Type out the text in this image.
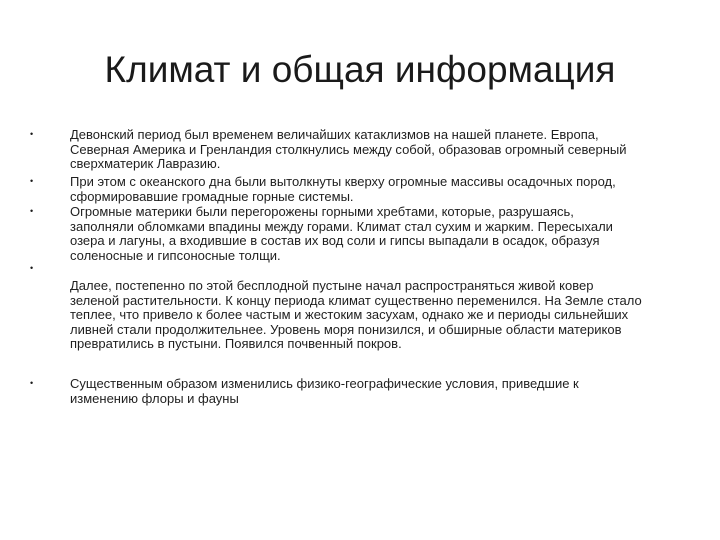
Климат и общая информация
•	Девонский период был временем величайших катаклизмов на нашей планете. Европа,
Северная Америка и Гренландия столкнулись между собой, образовав огромный северный
сверхматерик Лавразию.

•	При этом с океанского дна были вытолкнуты кверху огромные массивы осадочных пород,
сформировавшие громадные горные системы.

•	Огромные материки были перегорожены горными хребтами, которые, разрушаясь,
заполняли обломками впадины между горами. Климат стал сухим и жарким. Пересыхали
озера и лагуны, а входившие в состав их вод соли и гипсы выпадали в осадок, образуя
соленосные и гипсоносные толщи.

•

Далее, постепенно по этой бесплодной пустыне начал распространяться живой ковер
зеленой растительности. К концу периода климат существенно переменился. На Земле стало
теплее, что привело к более частым и жестоким засухам, однако же и периоды сильнейших
ливней стали продолжительнее. Уровень моря понизился, и обширные области материков
превратились в пустыни. Появился почвенный покров.

•	Существенным образом изменились физико-географические условия, приведшие к
изменению флоры и фауны
